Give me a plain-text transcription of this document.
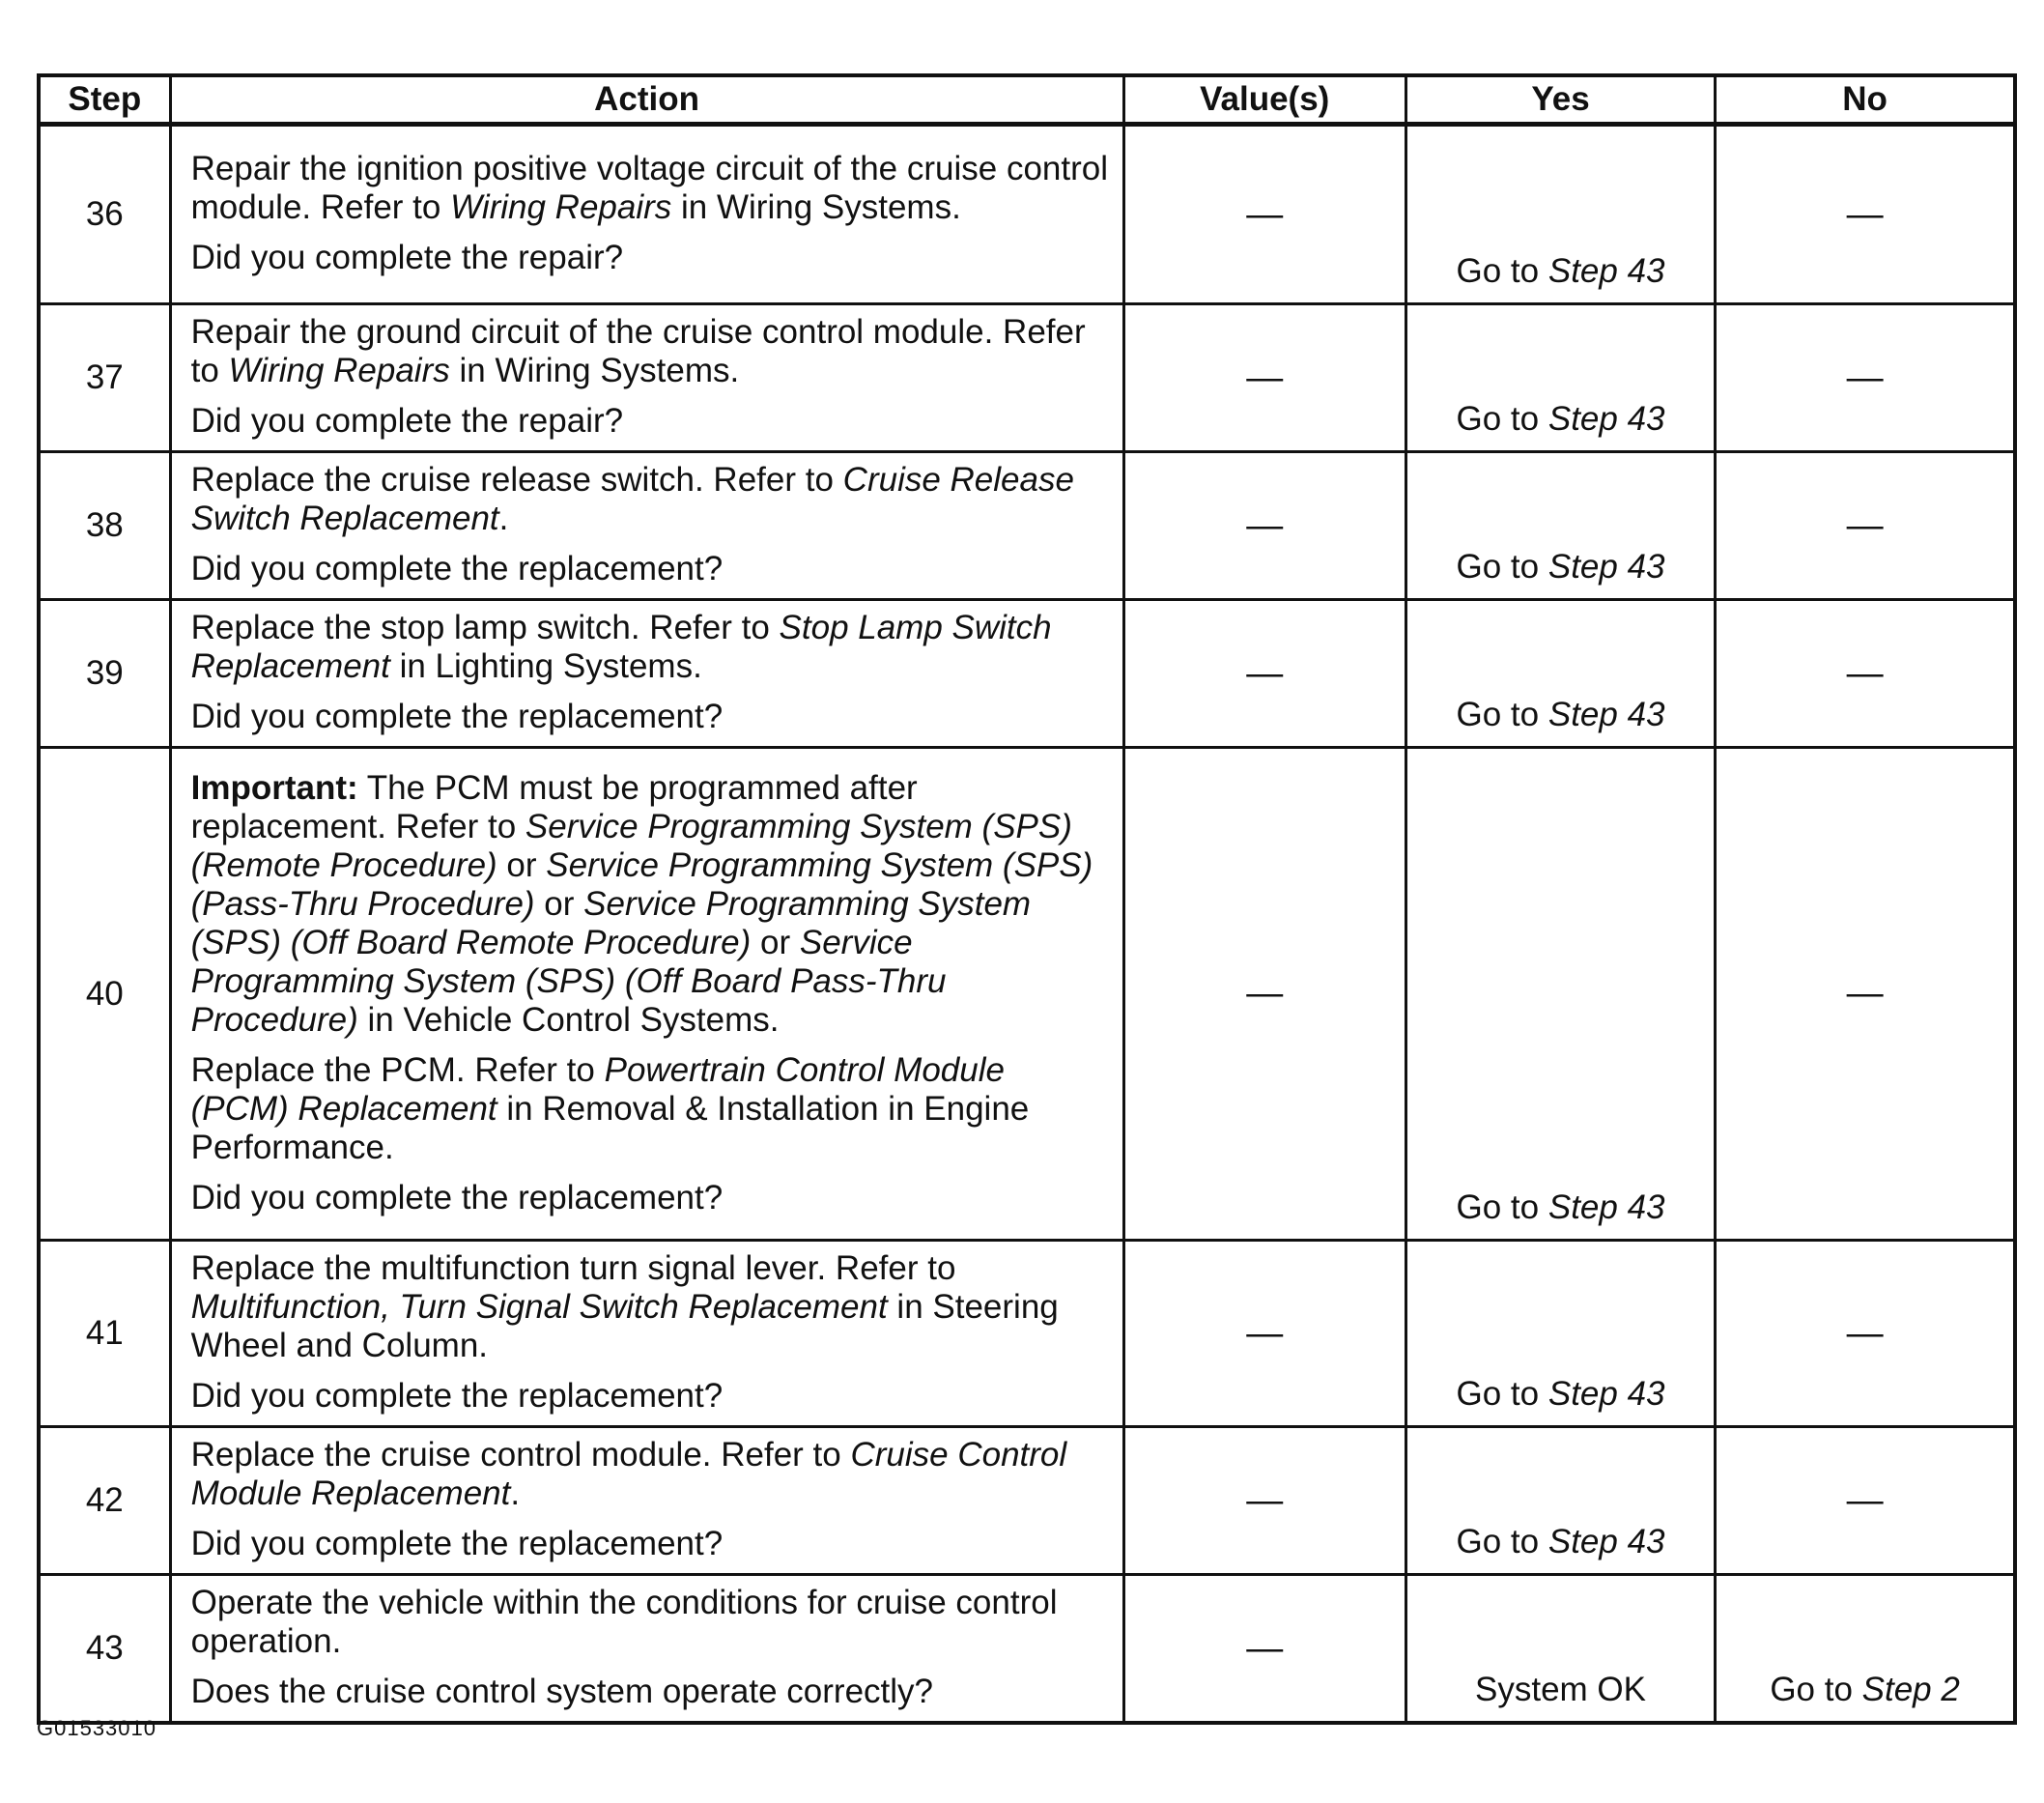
Step	Action	Value(s)	Yes	No
36	Repair the ignition positive voltage circuit of the cruise control module. Refer to Wiring Repairs in Wiring Systems.
Did you complete the repair?	—	Go to Step 43	—
37	Repair the ground circuit of the cruise control module. Refer to Wiring Repairs in Wiring Systems.
Did you complete the repair?	—	Go to Step 43	—
38	Replace the cruise release switch. Refer to Cruise Release Switch Replacement.
Did you complete the replacement?	—	Go to Step 43	—
39	Replace the stop lamp switch. Refer to Stop Lamp Switch Replacement in Lighting Systems.
Did you complete the replacement?	—	Go to Step 43	—
40	Important: The PCM must be programmed after replacement. Refer to Service Programming System (SPS) (Remote Procedure) or Service Programming System (SPS) (Pass-Thru Procedure) or Service Programming System (SPS) (Off Board Remote Procedure) or Service Programming System (SPS) (Off Board Pass-Thru Procedure) in Vehicle Control Systems.
Replace the PCM. Refer to Powertrain Control Module (PCM) Replacement in Removal & Installation in Engine Performance.
Did you complete the replacement?	—	Go to Step 43	—
41	Replace the multifunction turn signal lever. Refer to Multifunction, Turn Signal Switch Replacement in Steering Wheel and Column.
Did you complete the replacement?	—	Go to Step 43	—
42	Replace the cruise control module. Refer to Cruise Control Module Replacement.
Did you complete the replacement?	—	Go to Step 43	—
43	Operate the vehicle within the conditions for cruise control operation.
Does the cruise control system operate correctly?	—	System OK	Go to Step 2
G01533010
